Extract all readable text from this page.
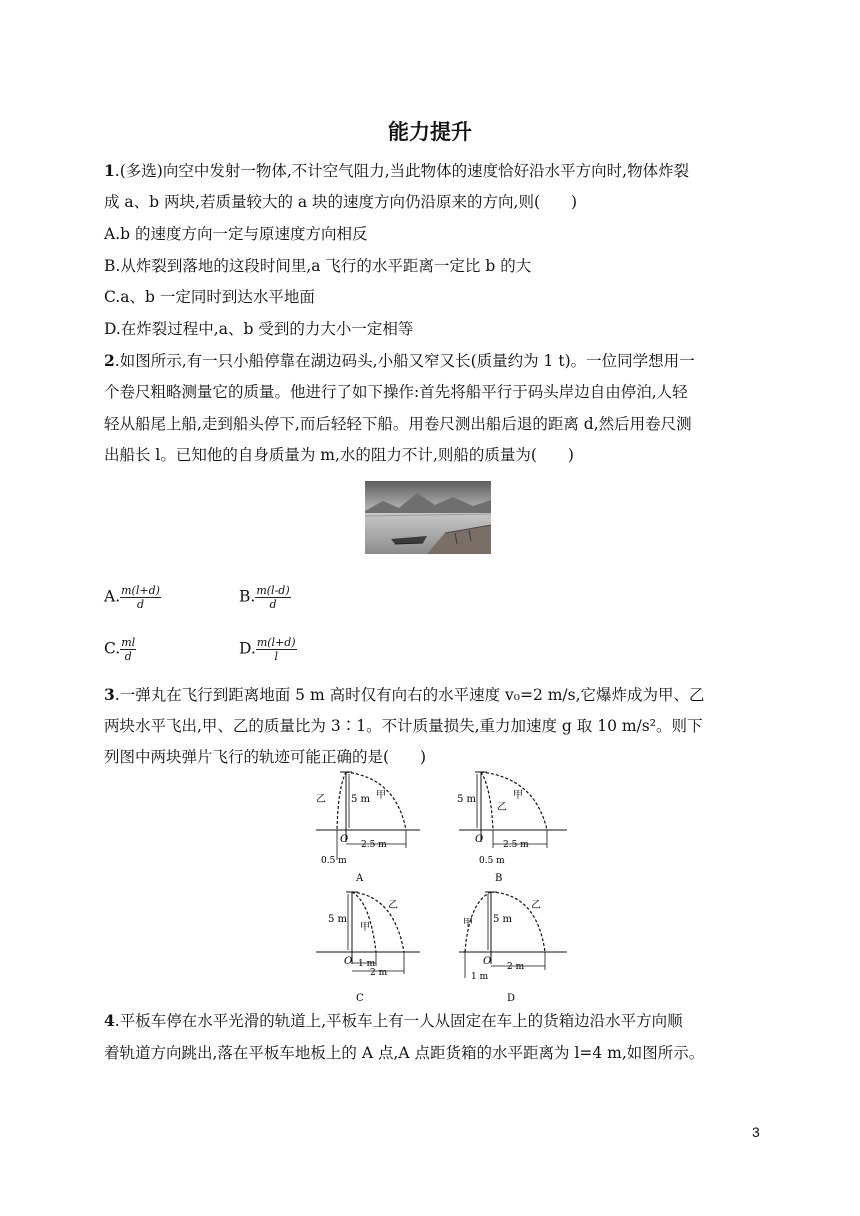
能力提升
1.(多选)向空中发射一物体,不计空气阻力,当此物体的速度恰好沿水平方向时,物体炸裂
成 a、b 两块,若质量较大的 a 块的速度方向仍沿原来的方向,则(　　)
A.b 的速度方向一定与原速度方向相反
B.从炸裂到落地的这段时间里,a 飞行的水平距离一定比 b 的大
C.a、b 一定同时到达水平地面
D.在炸裂过程中,a、b 受到的力大小一定相等
2.如图所示,有一只小船停靠在湖边码头,小船又窄又长(质量约为 1 t)。一位同学想用一
个卷尺粗略测量它的质量。他进行了如下操作:首先将船平行于码头岸边自由停泊,人轻
轻从船尾上船,走到船头停下,而后轻轻下船。用卷尺测出船后退的距离 d,然后用卷尺测
出船长 l。已知他的自身质量为 m,水的阻力不计,则船的质量为(　　)
A. $\frac{m(l+d)}{d}$	B. $\frac{m(l-d)}{d}$
C. $\frac{ml}{d}$	D. $\frac{m(l+d)}{l}$
3.一弹丸在飞行到距离地面 5 m 高时仅有向右的水平速度 v₀=2 m/s,它爆炸成为甲、乙
两块水平飞出,甲、乙的质量比为 3∶1。不计质量损失,重力加速度 g 取 10 m/s²。则下
列图中两块弹片飞行的轨迹可能正确的是(　　)
5 m
乙	甲
O 2.5 m
0.5 m
A
5 m
乙
甲
O 2.5 m
0.5 m
B
5 m
甲
乙
O 1 m
2 m
C
5 m
甲
乙
O 2 m
1 m
D
4.平板车停在水平光滑的轨道上,平板车上有一人从固定在车上的货箱边沿水平方向顺
着轨道方向跳出,落在平板车地板上的 A 点,A 点距货箱的水平距离为 l=4 m,如图所示。
3
